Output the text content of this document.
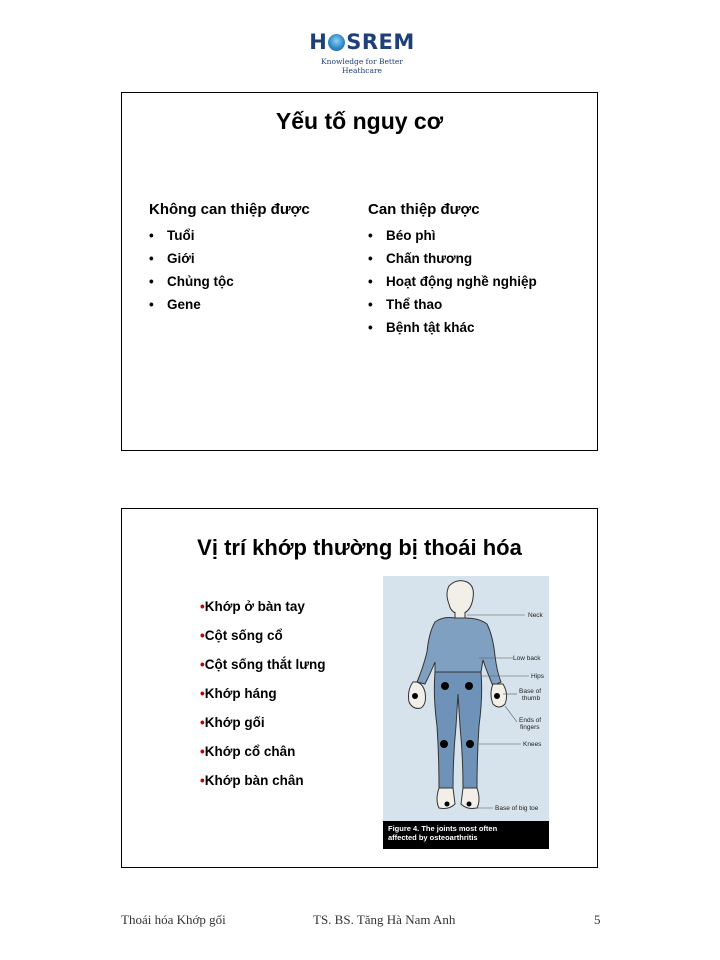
H SREM
Knowledge for Better Heathcare
Yếu tố nguy cơ
Không can thiệp được
• Tuổi
• Giới
• Chủng tộc
• Gene
Can thiệp được
• Béo phì
• Chấn thương
• Hoạt động nghề nghiệp
• Thể thao
• Bệnh tật khác
Vị trí khớp thường bị thoái hóa
•Khớp ở bàn tay
•Cột sống cổ
•Cột sống thắt lưng
•Khớp háng
•Khớp gối
•Khớp cổ chân
•Khớp bàn chân
Neck
Low back
Hips
Base of
thumb
Ends of
fingers
Knees
Base of big toe
Figure 4. The joints most often
affected by osteoarthritis
Thoái hóa Khớp gối	TS. BS. Tăng Hà Nam Anh	5
